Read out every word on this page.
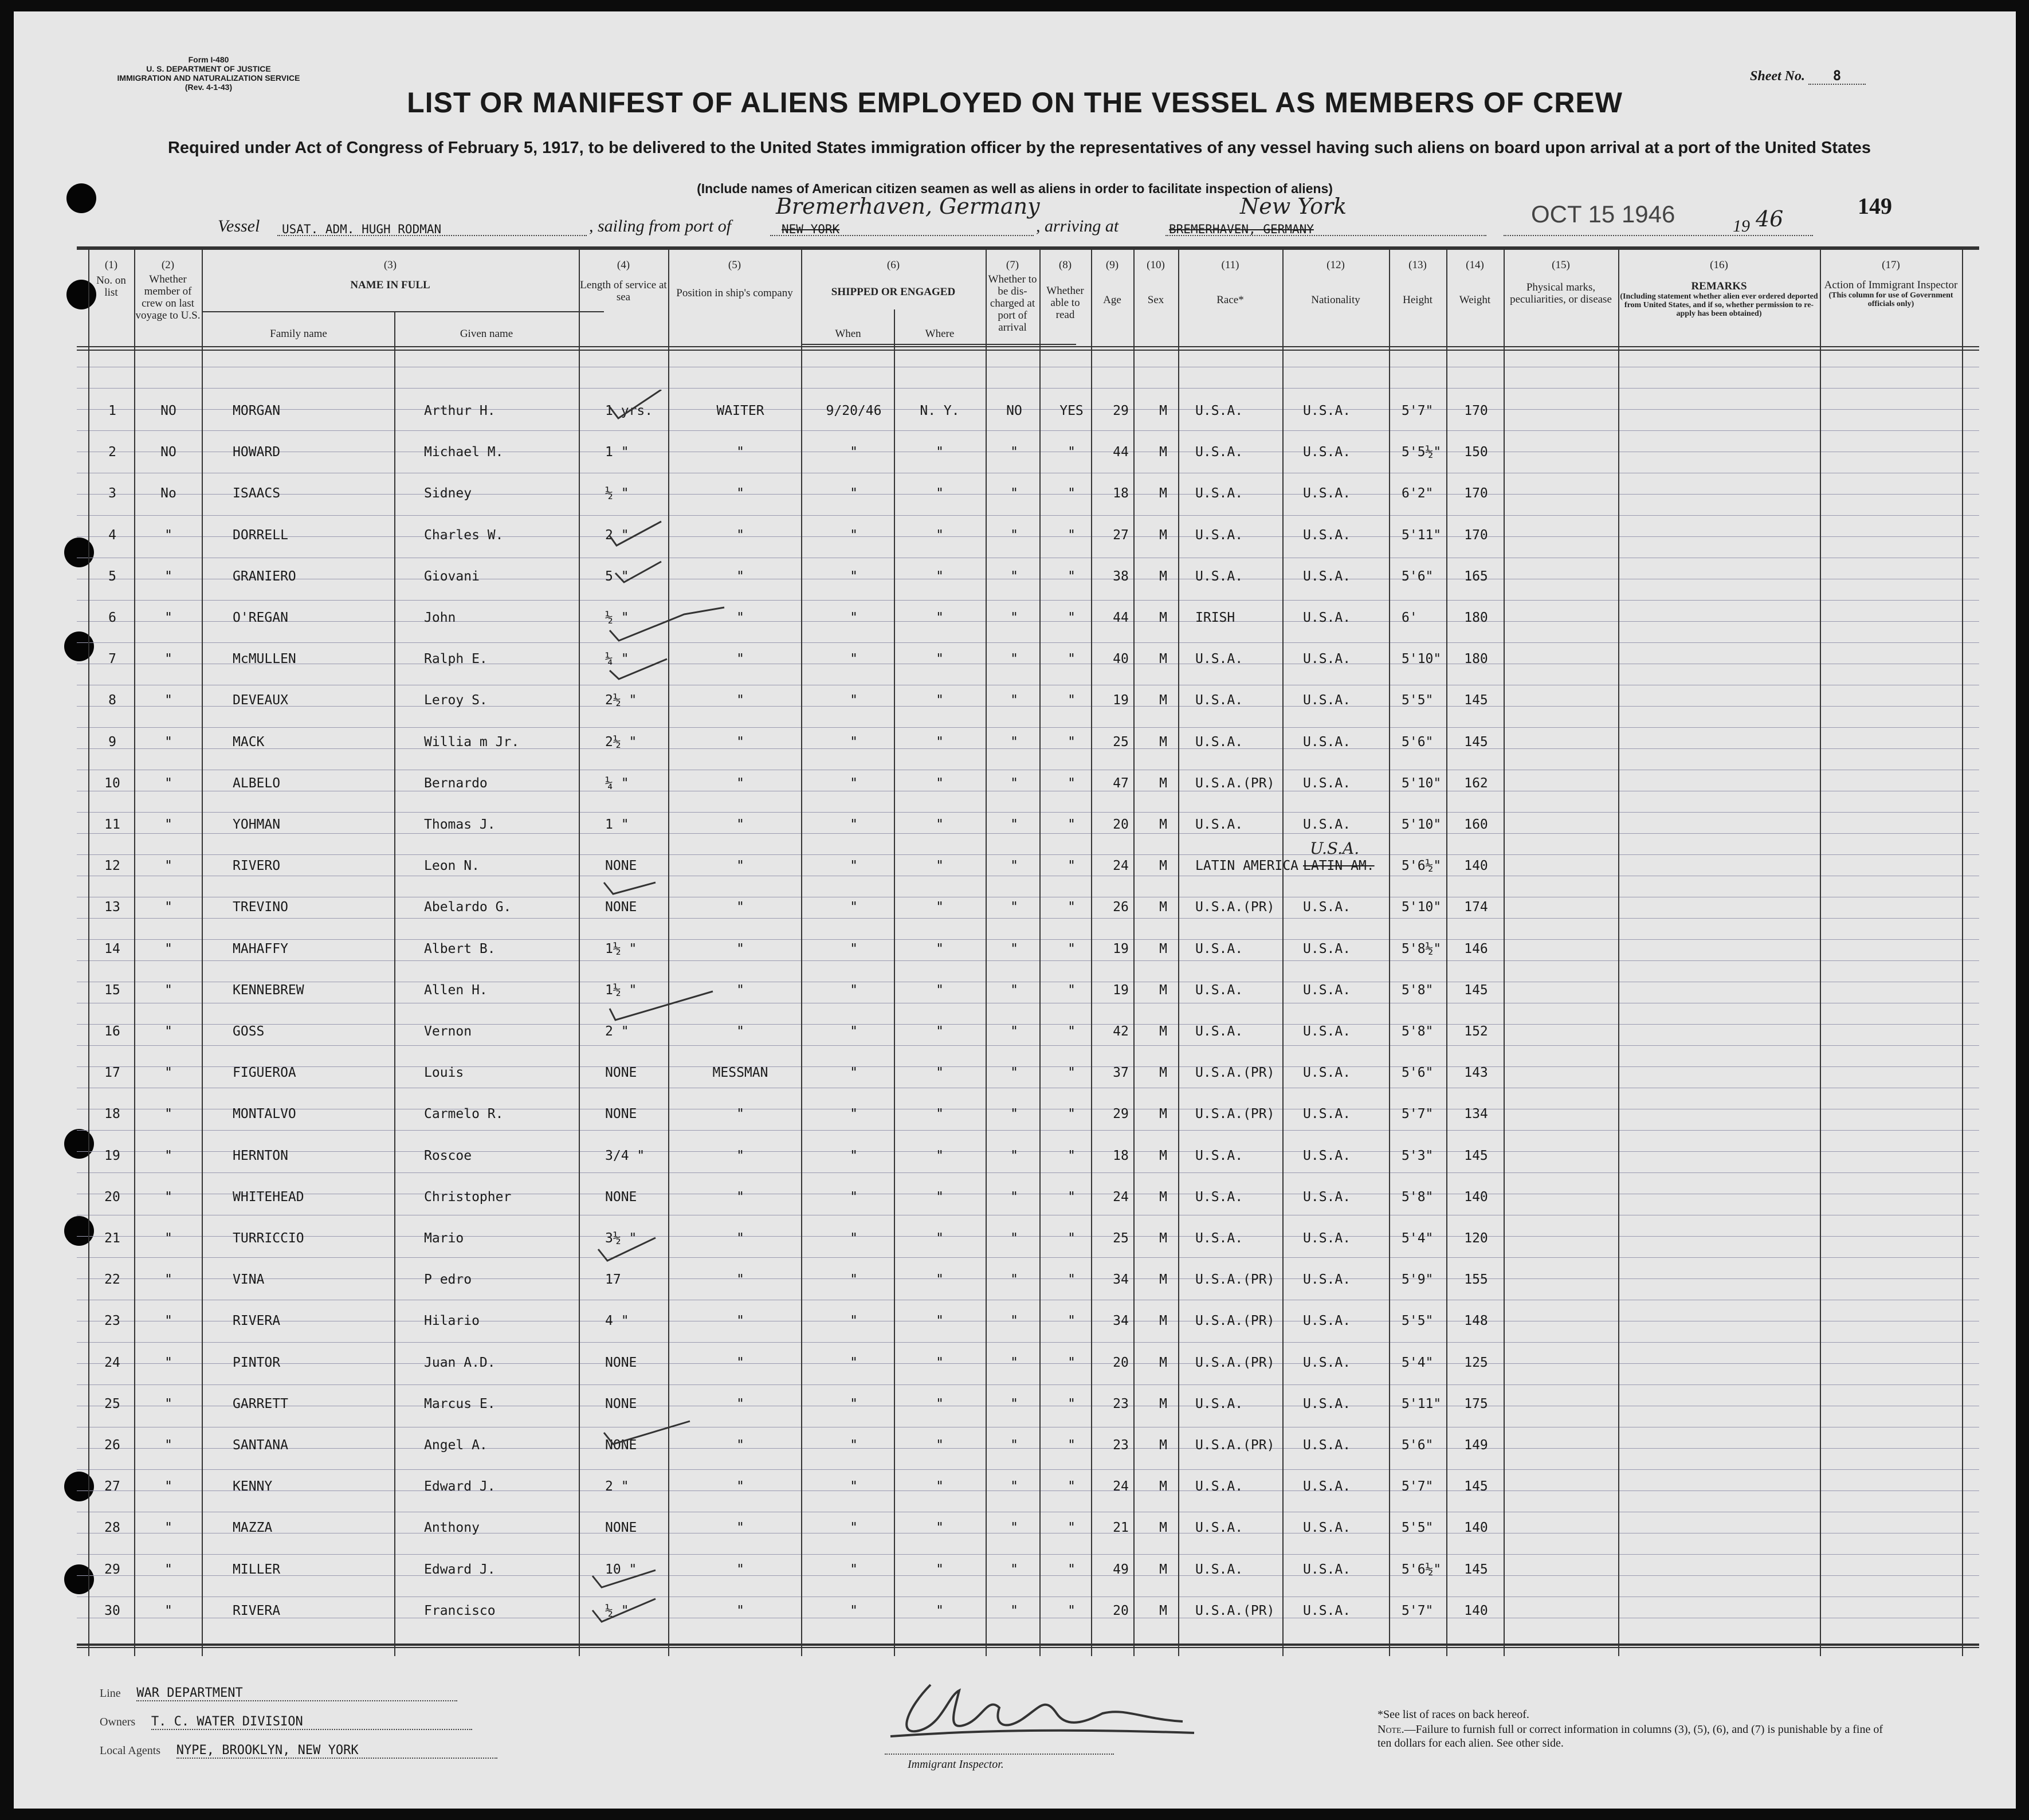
Form I-480
U. S. DEPARTMENT OF JUSTICE
IMMIGRATION AND NATURALIZATION SERVICE
(Rev. 4-1-43)
Sheet No. 8
LIST OR MANIFEST OF ALIENS EMPLOYED ON THE VESSEL AS MEMBERS OF CREW
Required under Act of Congress of February 5, 1917, to be delivered to the United States immigration officer by the representatives of any vessel having such aliens on board upon arrival at a port of the United States
(Include names of American citizen seamen as well as aliens in order to facilitate inspection of aliens)
149
Vessel	USAT. ADM. HUGH RODMAN	, sailing from port of	NEW YORK
Bremerhaven, Germany
, arriving at	BREMERHAVEN, GERMANY
New York	OCT 15 1946	19 46
(1)
No. on list
(2)
Whether member of crew on last voyage to U.S.
(3)
NAME IN FULL
Family name	Given name
(4)
Length of service at sea
(5)
Position in ship's company
(6)
SHIPPED OR ENGAGED
When	Where
(7)
Whether to be dis-charged at port of arrival
(8)
Whether able to read
(9)
Age
(10)
Sex
(11)
Race*
(12)
Nationality
(13)
Height
(14)
Weight
(15)
Physical marks, peculiarities, or disease
(16)
REMARKS
(Including statement whether alien ever ordered deported from United States, and if so, whether permission to re-apply has been obtained)
(17)
Action of Immigrant Inspector
(This column for use of Government officials only)
1	NO	MORGAN	Arthur H.	1 yrs.	WAITER	9/20/46	N. Y.	NO	YES 29 M U.S.A.	U.S.A.	5'7" 170
2	NO	HOWARD	Michael M.	1 "	"	"	"	"	"	44 M U.S.A.	U.S.A.	5'5½" 150
3	No	ISAACS	Sidney	½ "	"	"	"	"	"	18 M U.S.A.	U.S.A.	6'2" 170
4	"	DORRELL	Charles W.	2 "	"	"	"	"	"	27 M U.S.A.	U.S.A.	5'11" 170
5	"	GRANIERO	Giovani	5 "	"	"	"	"	"	38 M U.S.A.	U.S.A.	5'6" 165
6	"	O'REGAN	John	½ "	"	"	"	"	"	44 M IRISH	U.S.A.	6'	180
7	"	McMULLEN	Ralph E.	¼ "	"	"	"	"	"	40 M U.S.A.	U.S.A.	5'10" 180
8	"	DEVEAUX	Leroy S.	2½ "	"	"	"	"	"	19 M U.S.A.	U.S.A.	5'5" 145
9	"	MACK	Willia m Jr.	2½ "	"	"	"	"	"	25 M U.S.A.	U.S.A.	5'6" 145
10	"	ALBELO	Bernardo	¼ "	"	"	"	"	"	47 M U.S.A.(PR) U.S.A.	5'10" 162
11	"	YOHMAN	Thomas J.	1 "	"	"	"	"	"	20 M U.S.A.	U.S.A.	5'10" 160
12	"	RIVERO	Leon N.	NONE	"	"	"	"	"	24 M LATIN AMERICA LATIN AM. 5'6½" 140
U.S.A.
13	"	TREVINO	Abelardo G.	NONE	"	"	"	"	"	26 M U.S.A.(PR) U.S.A.	5'10" 174
14	"	MAHAFFY	Albert B.	1½ "	"	"	"	"	"	19 M U.S.A.	U.S.A.	5'8½" 146
15	"	KENNEBREW	Allen H.	1½ "	"	"	"	"	"	19 M U.S.A.	U.S.A.	5'8" 145
16	"	GOSS	Vernon	2 "	"	"	"	"	"	42 M U.S.A.	U.S.A.	5'8" 152
17	"	FIGUEROA	Louis	NONE	MESSMAN	"	"	"	"	37 M U.S.A.(PR) U.S.A.	5'6" 143
18	"	MONTALVO	Carmelo R.	NONE	"	"	"	"	"	29 M U.S.A.(PR) U.S.A.	5'7" 134
19	"	HERNTON	Roscoe	3/4 "	"	"	"	"	"	18 M U.S.A.	U.S.A.	5'3" 145
20	"	WHITEHEAD	Christopher	NONE	"	"	"	"	"	24 M U.S.A.	U.S.A.	5'8" 140
21	"	TURRICCIO	Mario	3½ "	"	"	"	"	"	25 M U.S.A.	U.S.A.	5'4" 120
22	"	VINA	P edro	17	"	"	"	"	"	34 M U.S.A.(PR) U.S.A.	5'9" 155
23	"	RIVERA	Hilario	4 "	"	"	"	"	"	34 M U.S.A.(PR) U.S.A.	5'5" 148
24	"	PINTOR	Juan A.D.	NONE	"	"	"	"	"	20 M U.S.A.(PR) U.S.A.	5'4" 125
25	"	GARRETT	Marcus E.	NONE	"	"	"	"	"	23 M U.S.A.	U.S.A.	5'11" 175
26	"	SANTANA	Angel A.	NONE	"	"	"	"	"	23 M U.S.A.(PR) U.S.A.	5'6" 149
27	"	KENNY	Edward J.	2 "	"	"	"	"	"	24 M U.S.A.	U.S.A.	5'7" 145
28	"	MAZZA	Anthony	NONE	"	"	"	"	"	21 M U.S.A.	U.S.A.	5'5" 140
29	"	MILLER	Edward J.	10 "	"	"	"	"	"	49 M U.S.A.	U.S.A.	5'6½" 145
30	"	RIVERA	Francisco	½ "	"	"	"	"	"	20 M U.S.A.(PR) U.S.A.	5'7" 140
Line WAR DEPARTMENT
Owners T. C. WATER DIVISION
Local Agents NYPE, BROOKLYN, NEW YORK
Immigrant Inspector.
*See list of races on back hereof.
Note.—Failure to furnish full or correct information in columns (3), (5), (6), and (7) is punishable by a fine of ten dollars for each alien. See other side.
